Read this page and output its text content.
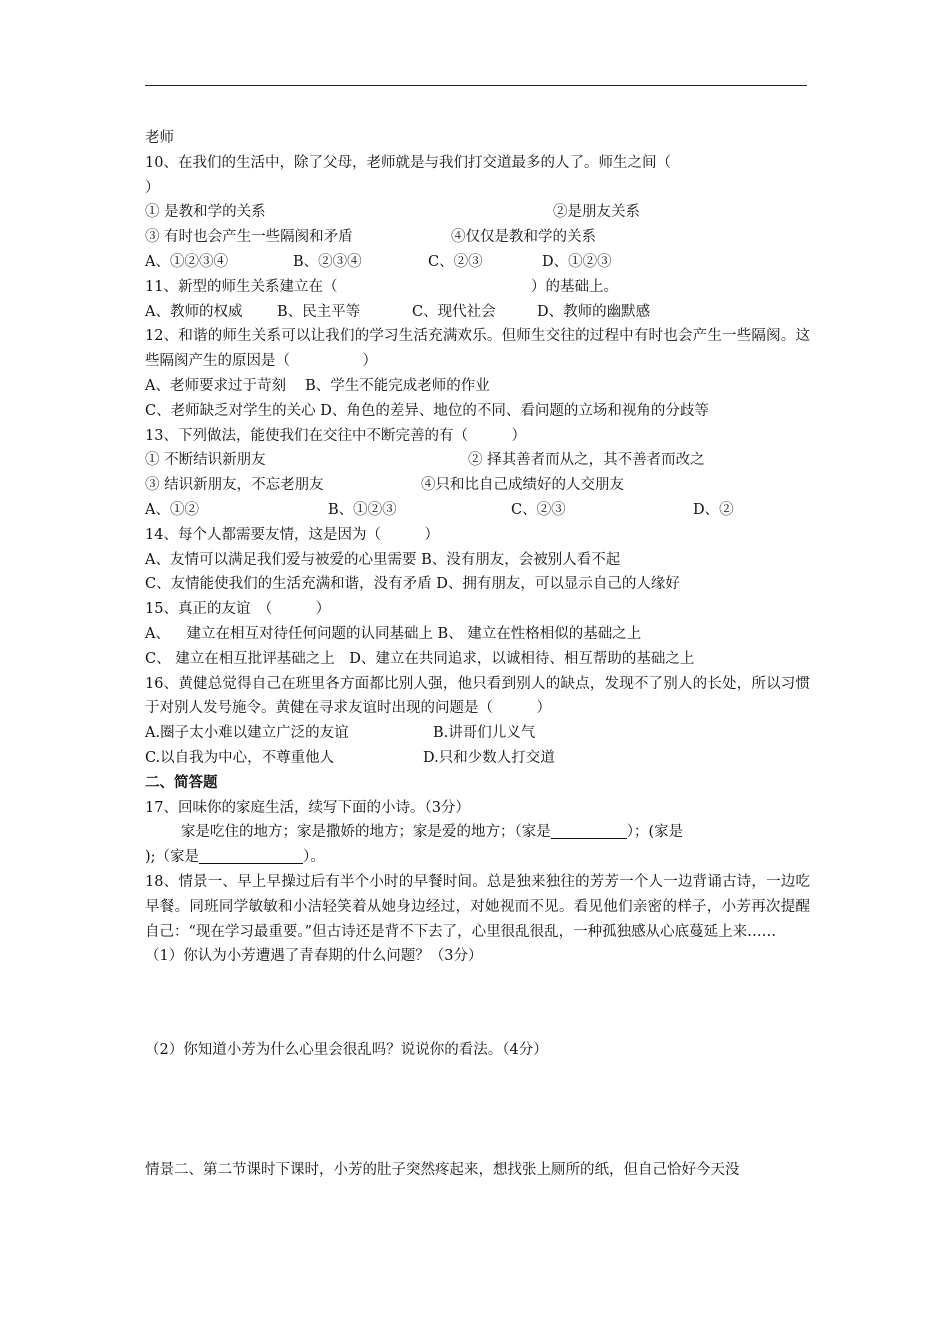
老师
10、在我们的生活中，除了父母，老师就是与我们打交道最多的人了。师生之间（
）
① 是教和学的关系	②是朋友关系
③ 有时也会产生一些隔阂和矛盾	④仅仅是教和学的关系
A、①②③④	B、②③④	C、②③	D、①②③
11、新型的师生关系建立在（	）的基础上。
A、教师的权威 B、民主平等	C、现代社会	D、教师的幽默感
12、和谐的师生关系可以让我们的学习生活充满欢乐。但师生交往的过程中有时也会产生一些隔阂。这些隔阂产生的原因是（　　　　　）
A、老师要求过于苛刻　 B、学生不能完成老师的作业
C、老师缺乏对学生的关心 D、角色的差异、地位的不同、看问题的立场和视角的分歧等
13、下列做法，能使我们在交往中不断完善的有（　　　）
① 不断结识新朋友	② 择其善者而从之，其不善者而改之
③ 结识新朋友，不忘老朋友	④只和比自己成绩好的人交朋友
A、①②	B、①②③	C、②③	D、②
14、每个人都需要友情，这是因为（　　　）
A、友情可以满足我们爱与被爱的心里需要 B、没有朋友，会被别人看不起
C、友情能使我们的生活充满和谐，没有矛盾 D、拥有朋友，可以显示自己的人缘好
15、真正的友谊　（　　　）
A、　  建立在相互对待任何问题的认同基础上 B、 建立在性格相似的基础之上
C、 建立在相互批评基础之上　D、建立在共同追求，以诚相待、相互帮助的基础之上
16、黄健总觉得自己在班里各方面都比别人强，他只看到别人的缺点，发现不了别人的长处，所以习惯于对别人发号施令。黄健在寻求友谊时出现的问题是（　　　）
A.圈子太小难以建立广泛的友谊	B.讲哥们儿义气
C.以自我为中心，不尊重他人	D.只和少数人打交道
二、简答题
17、回味你的家庭生活，续写下面的小诗。（3分）
家是吃住的地方；家是撒娇的地方；家是爱的地方；（家是	）；(家是
);（家是	）。
18、情景一、早上早操过后有半个小时的早餐时间。总是独来独往的芳芳一个人一边背诵古诗，一边吃早餐。同班同学敏敏和小洁轻笑着从她身边经过，对她视而不见。看见他们亲密的样子，小芳再次提醒自己：“现在学习最重要。”但古诗还是背不下去了，心里很乱很乱，一种孤独感从心底蔓延上来……
（1）你认为小芳遭遇了青春期的什么问题？（3分）
（2）你知道小芳为什么心里会很乱吗？说说你的看法。（4分）
情景二、第二节课时下课时，小芳的肚子突然疼起来，想找张上厕所的纸，但自己恰好今天没
